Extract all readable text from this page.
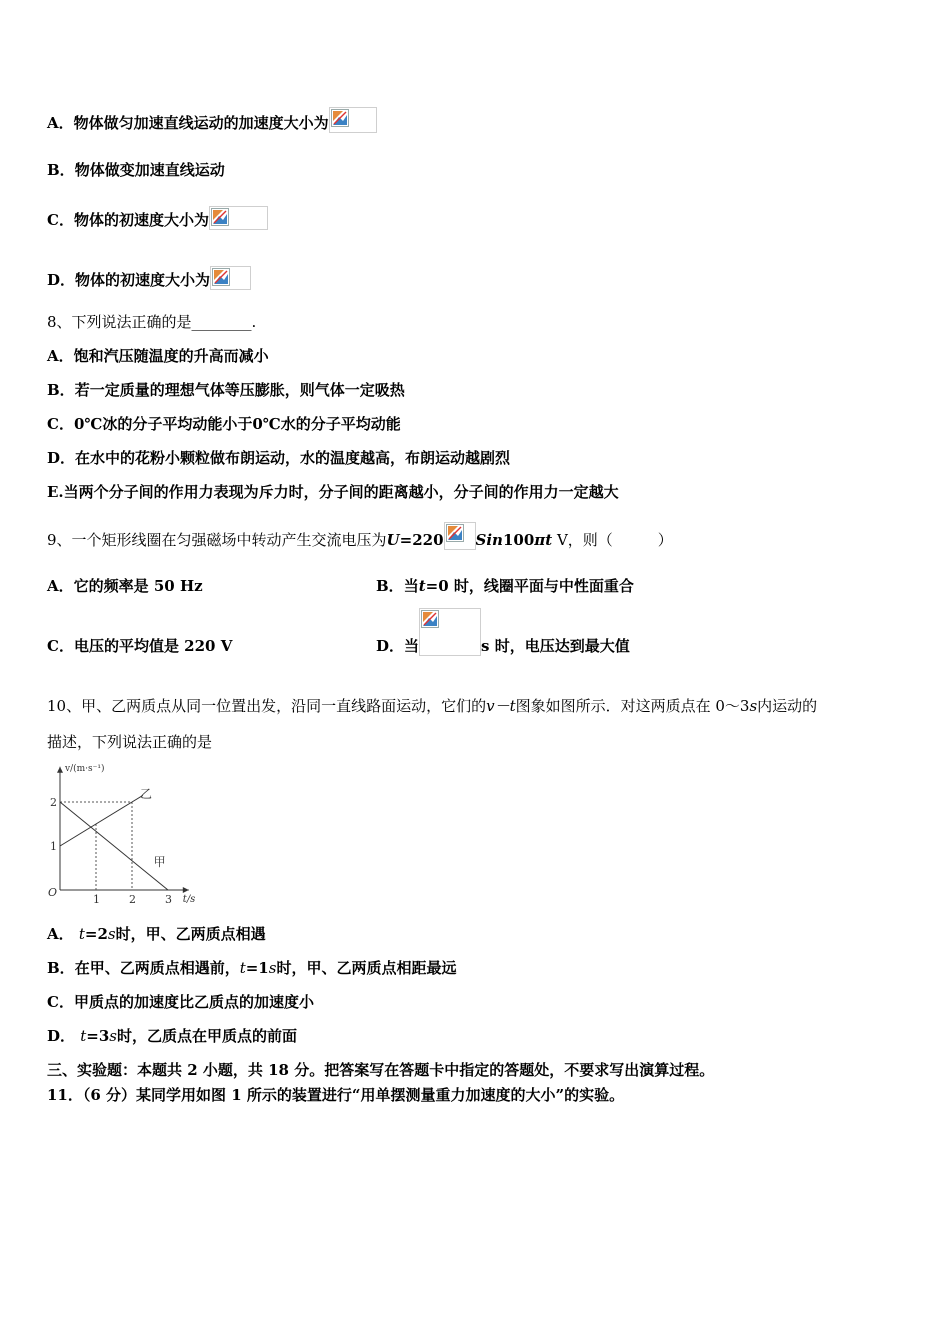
A．物体做匀加速直线运动的加速度大小为
B．物体做变加速直线运动
C．物体的初速度大小为
D．物体的初速度大小为
8、下列说法正确的是________.
A．饱和汽压随温度的升高而减小
B．若一定质量的理想气体等压膨胀，则气体一定吸热
C．0℃冰的分子平均动能小于0℃水的分子平均动能
D．在水中的花粉小颗粒做布朗运动，水的温度越高，布朗运动越剧烈
E.当两个分子间的作用力表现为斥力时，分子间的距离越小，分子间的作用力一定越大
9、一个矩形线圈在匀强磁场中转动产生交流电压为U=220 Sin100πt V，则（　　　）
A．它的频率是 50 Hz	B．当t=0 时，线圈平面与中性面重合
C．电压的平均值是 220 V	D．当	s 时，电压达到最大值
10、甲、乙两质点从同一位置出发，沿同一直线路面运动，它们的v－t图象如图所示．对这两质点在 0～3s内运动的
描述，下列说法正确的是
v/(m·s⁻¹)
t/s
O
1	2	3
1
2
甲
乙
A． t=2s时，甲、乙两质点相遇
B．在甲、乙两质点相遇前，t=1s时，甲、乙两质点相距最远
C．甲质点的加速度比乙质点的加速度小
D． t=3s时，乙质点在甲质点的前面
三、实验题：本题共 2 小题，共 18 分。把答案写在答题卡中指定的答题处，不要求写出演算过程。
11．（6 分）某同学用如图 1 所示的装置进行“用单摆测量重力加速度的大小”的实验。
